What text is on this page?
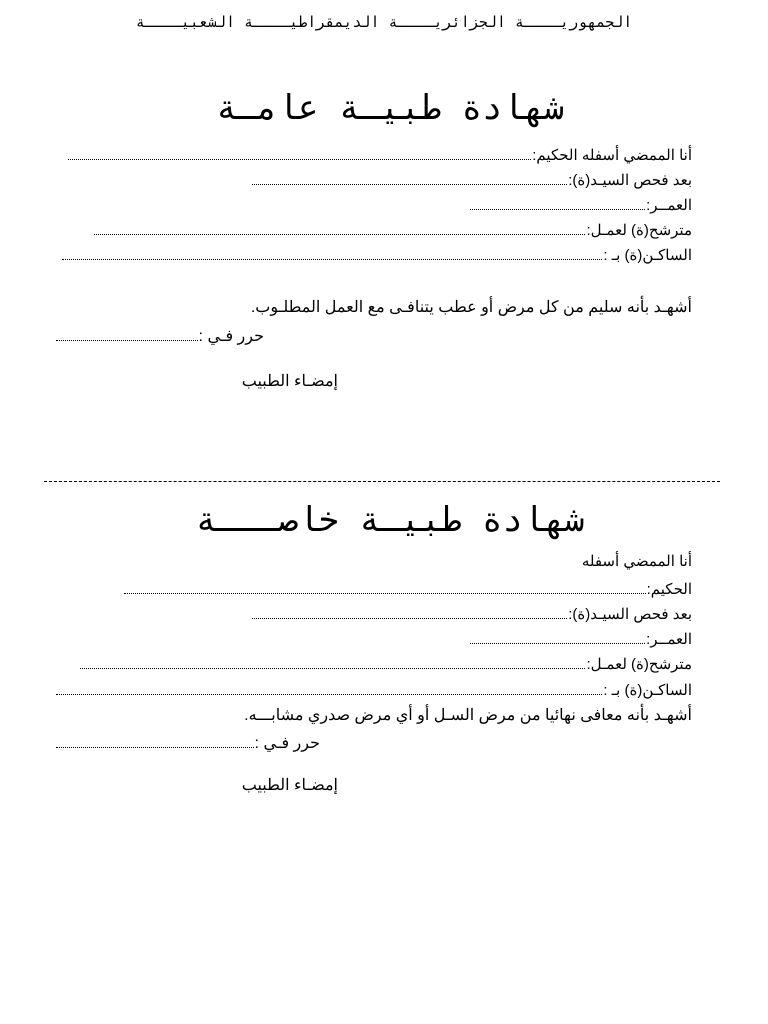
الجمهوريــــة الجزائريــــة الديمقراطيــــة الشعبيــــة
شهادة طبيـة عامـة
أنا الممضي أسفله الحكيم:
بعد فحص السيـد(ة):
العمــر:
مترشح(ة) لعمـل:
الساكـن(ة) بـ :
أشهـد بأنه سليم من كل مرض أو عطب يتنافـى مع العمل المطلـوب.
حرر فـي :
إمضـاء الطبيب
شهادة طبيـة خاصـــة
أنا الممضي أسفله
الحكيم:
بعد فحص السيـد(ة):
العمــر:
مترشح(ة) لعمـل:
الساكـن(ة) بـ :
أشهـد بأنه معافى نهائيا من مرض السـل أو أي مرض صدري مشابـــه.
حرر فـي :
إمضـاء الطبيب
